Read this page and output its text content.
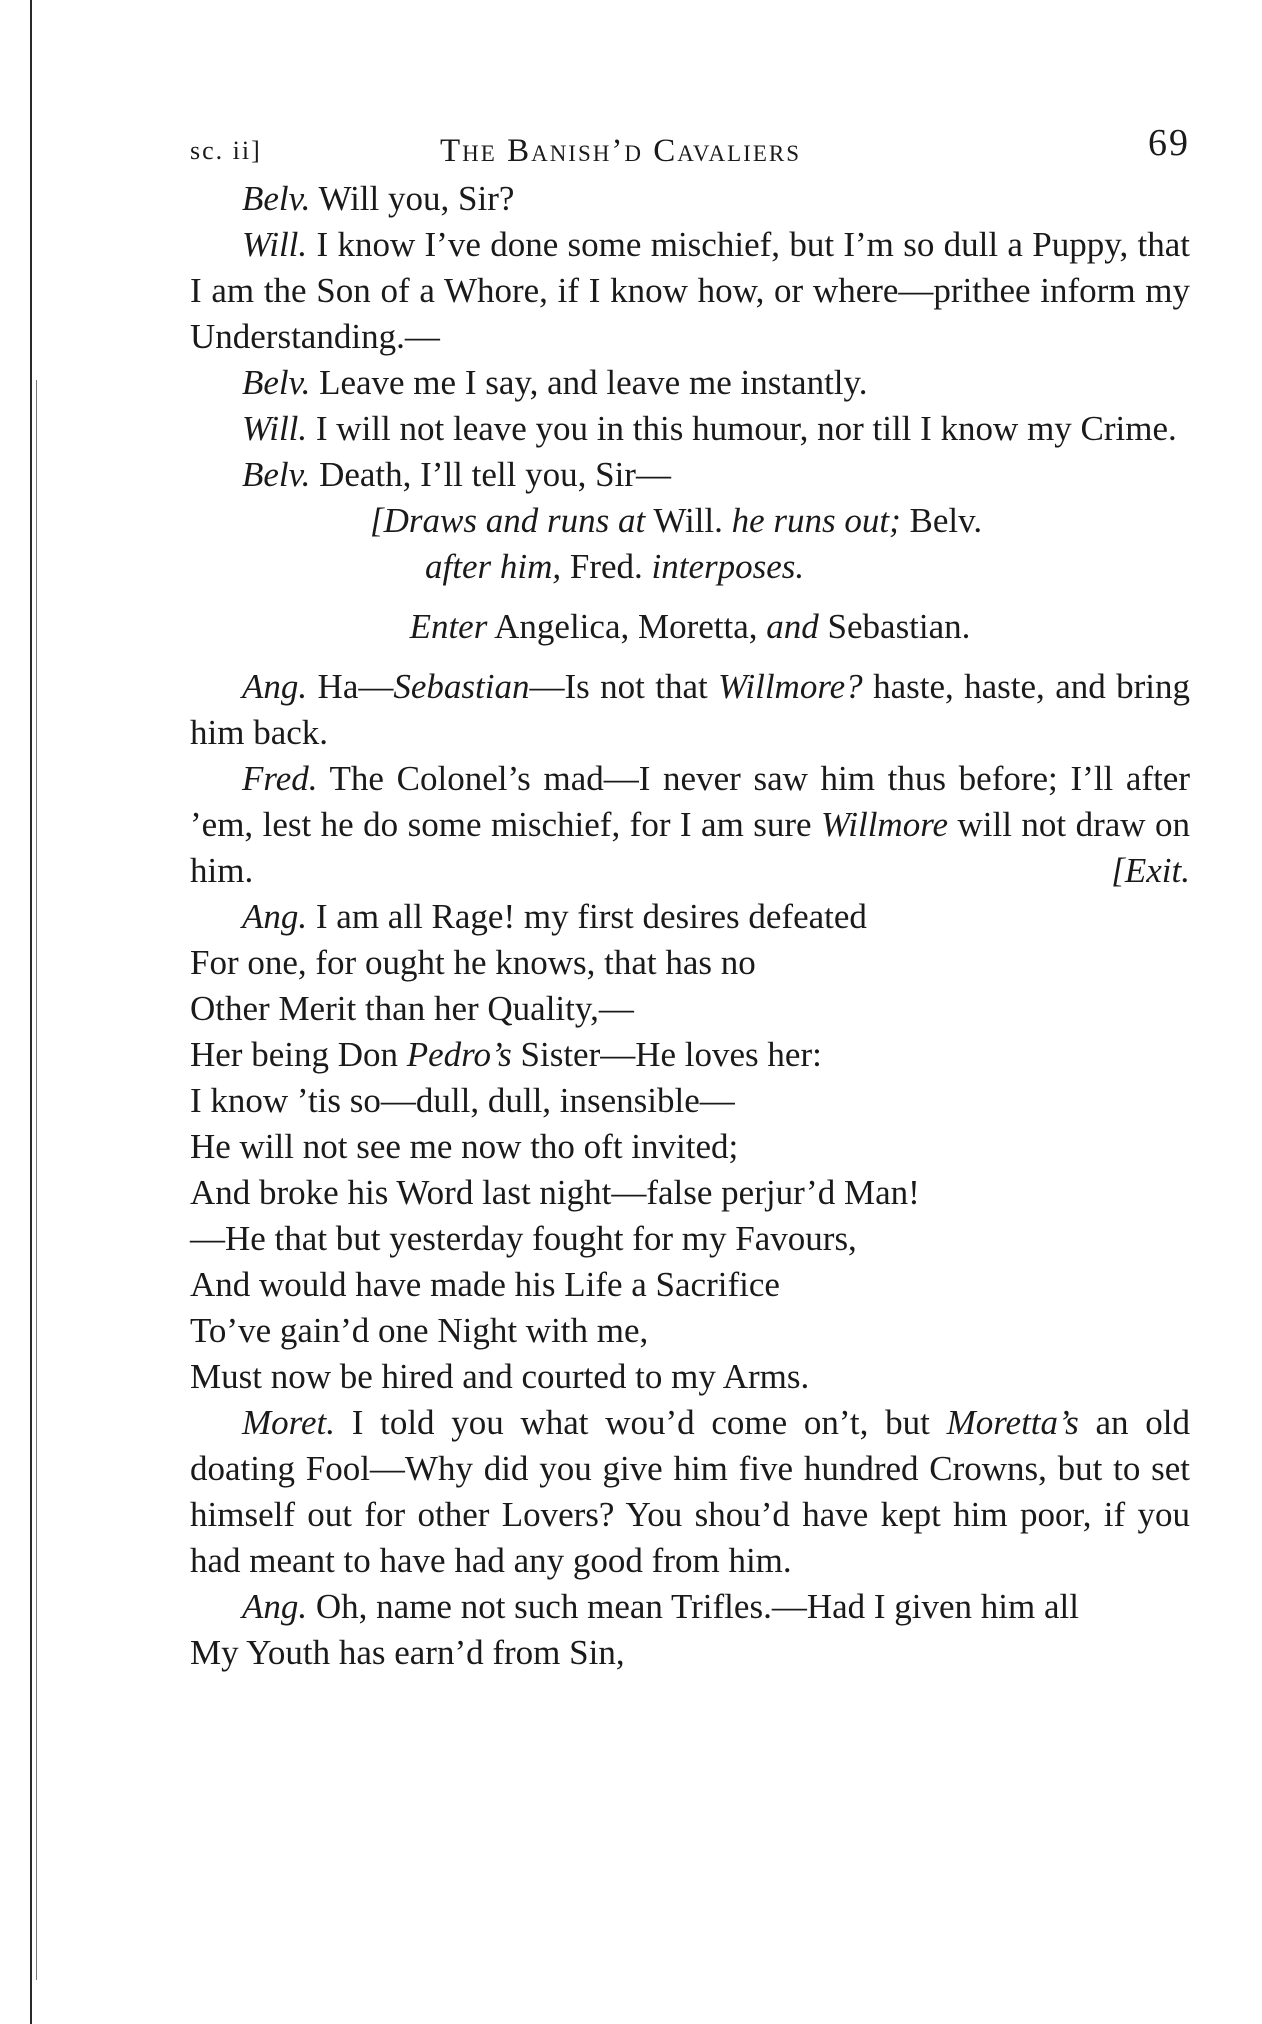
sc. ii]	The Banish’d Cavaliers	69

Belv. Will you, Sir?

Will. I know I’ve done some mischief, but I’m so dull a Puppy, that I am the Son of a Whore, if I know how, or where—prithee inform my Understanding.—

Belv. Leave me I say, and leave me instantly.

Will. I will not leave you in this humour, nor till I know my Crime.

Belv. Death, I’ll tell you, Sir—

[Draws and runs at Will. he runs out; Belv.

after him, Fred. interposes.

Enter Angelica, Moretta, and Sebastian.

Ang. Ha—Sebastian—Is not that Willmore? haste, haste, and bring him back.

Fred. The Colonel’s mad—I never saw him thus before; I’ll after ’em, lest he do some mischief, for I am sure Willmore will not draw on him.	[Exit.

Ang. I am all Rage! my first desires defeated

For one, for ought he knows, that has no

Other Merit than her Quality,—

Her being Don Pedro’s Sister—He loves her:

I know ’tis so—dull, dull, insensible—

He will not see me now tho oft invited;

And broke his Word last night—false perjur’d Man!

—He that but yesterday fought for my Favours,

And would have made his Life a Sacrifice

To’ve gain’d one Night with me,

Must now be hired and courted to my Arms.

Moret. I told you what wou’d come on’t, but Moretta’s an old doating Fool—Why did you give him five hundred Crowns, but to set himself out for other Lovers? You shou’d have kept him poor, if you had meant to have had any good from him.

Ang. Oh, name not such mean Trifles.—Had I given him all

My Youth has earn’d from Sin,
